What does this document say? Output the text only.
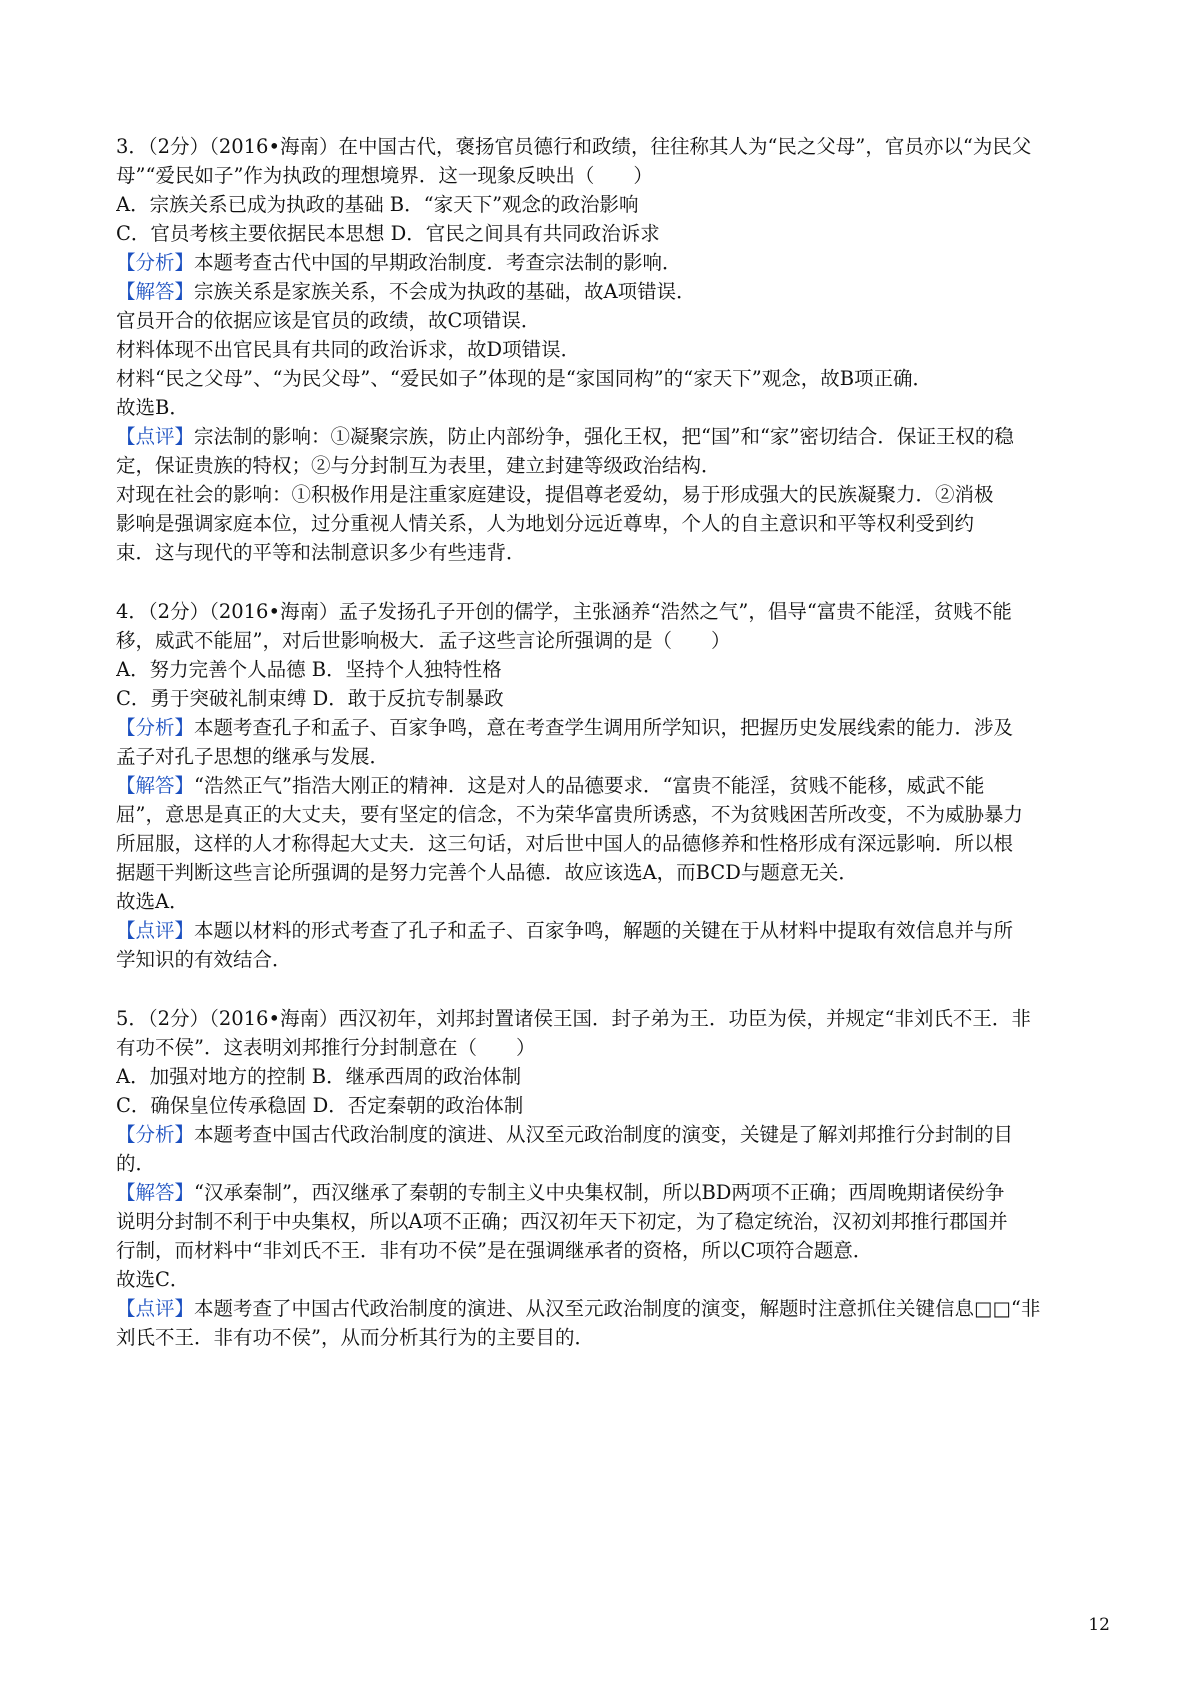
3．（2分）（2016•海南）在中国古代，褒扬官员德行和政绩，往往称其人为“民之父母”，官员亦以“为民父
母”“爱民如子”作为执政的理想境界．这一现象反映出（　　）
A．宗族关系已成为执政的基础 B．“家天下”观念的政治影响
C．官员考核主要依据民本思想 D．官民之间具有共同政治诉求
【分析】本题考查古代中国的早期政治制度．考查宗法制的影响．
【解答】宗族关系是家族关系，不会成为执政的基础，故A项错误．
官员开合的依据应该是官员的政绩，故C项错误．
材料体现不出官民具有共同的政治诉求，故D项错误．
材料“民之父母”、“为民父母”、“爱民如子”体现的是“家国同构”的“家天下”观念，故B项正确．
故选B．
【点评】宗法制的影响：①凝聚宗族，防止内部纷争，强化王权，把“国”和“家”密切结合．保证王权的稳
定，保证贵族的特权；②与分封制互为表里，建立封建等级政治结构．
对现在社会的影响：①积极作用是注重家庭建设，提倡尊老爱幼，易于形成强大的民族凝聚力．②消极
影响是强调家庭本位，过分重视人情关系，人为地划分远近尊卑，个人的自主意识和平等权利受到约
束．这与现代的平等和法制意识多少有些违背．
4．（2分）（2016•海南）孟子发扬孔子开创的儒学，主张涵养“浩然之气”，倡导“富贵不能淫，贫贱不能
移，威武不能屈”，对后世影响极大．孟子这些言论所强调的是（　　）
A．努力完善个人品德 B．坚持个人独特性格
C．勇于突破礼制束缚 D．敢于反抗专制暴政
【分析】本题考查孔子和孟子、百家争鸣，意在考查学生调用所学知识，把握历史发展线索的能力．涉及
孟子对孔子思想的继承与发展．
【解答】“浩然正气”指浩大刚正的精神．这是对人的品德要求．“富贵不能淫，贫贱不能移，威武不能
屈”，意思是真正的大丈夫，要有坚定的信念，不为荣华富贵所诱惑，不为贫贱困苦所改变，不为威胁暴力
所屈服，这样的人才称得起大丈夫．这三句话，对后世中国人的品德修养和性格形成有深远影响．所以根
据题干判断这些言论所强调的是努力完善个人品德．故应该选A，而BCD与题意无关．
故选A．
【点评】本题以材料的形式考查了孔子和孟子、百家争鸣，解题的关键在于从材料中提取有效信息并与所
学知识的有效结合．
5．（2分）（2016•海南）西汉初年，刘邦封置诸侯王国．封子弟为王．功臣为侯，并规定“非刘氏不王．非
有功不侯”．这表明刘邦推行分封制意在（　　）
A．加强对地方的控制 B．继承西周的政治体制
C．确保皇位传承稳固 D．否定秦朝的政治体制
【分析】本题考查中国古代政治制度的演进、从汉至元政治制度的演变，关键是了解刘邦推行分封制的目
的．
【解答】“汉承秦制”，西汉继承了秦朝的专制主义中央集权制，所以BD两项不正确；西周晚期诸侯纷争
说明分封制不利于中央集权，所以A项不正确；西汉初年天下初定，为了稳定统治，汉初刘邦推行郡国并
行制，而材料中“非刘氏不王．非有功不侯”是在强调继承者的资格，所以C项符合题意．
故选C．
【点评】本题考查了中国古代政治制度的演进、从汉至元政治制度的演变，解题时注意抓住关键信息□□“非
刘氏不王．非有功不侯”，从而分析其行为的主要目的．
12
